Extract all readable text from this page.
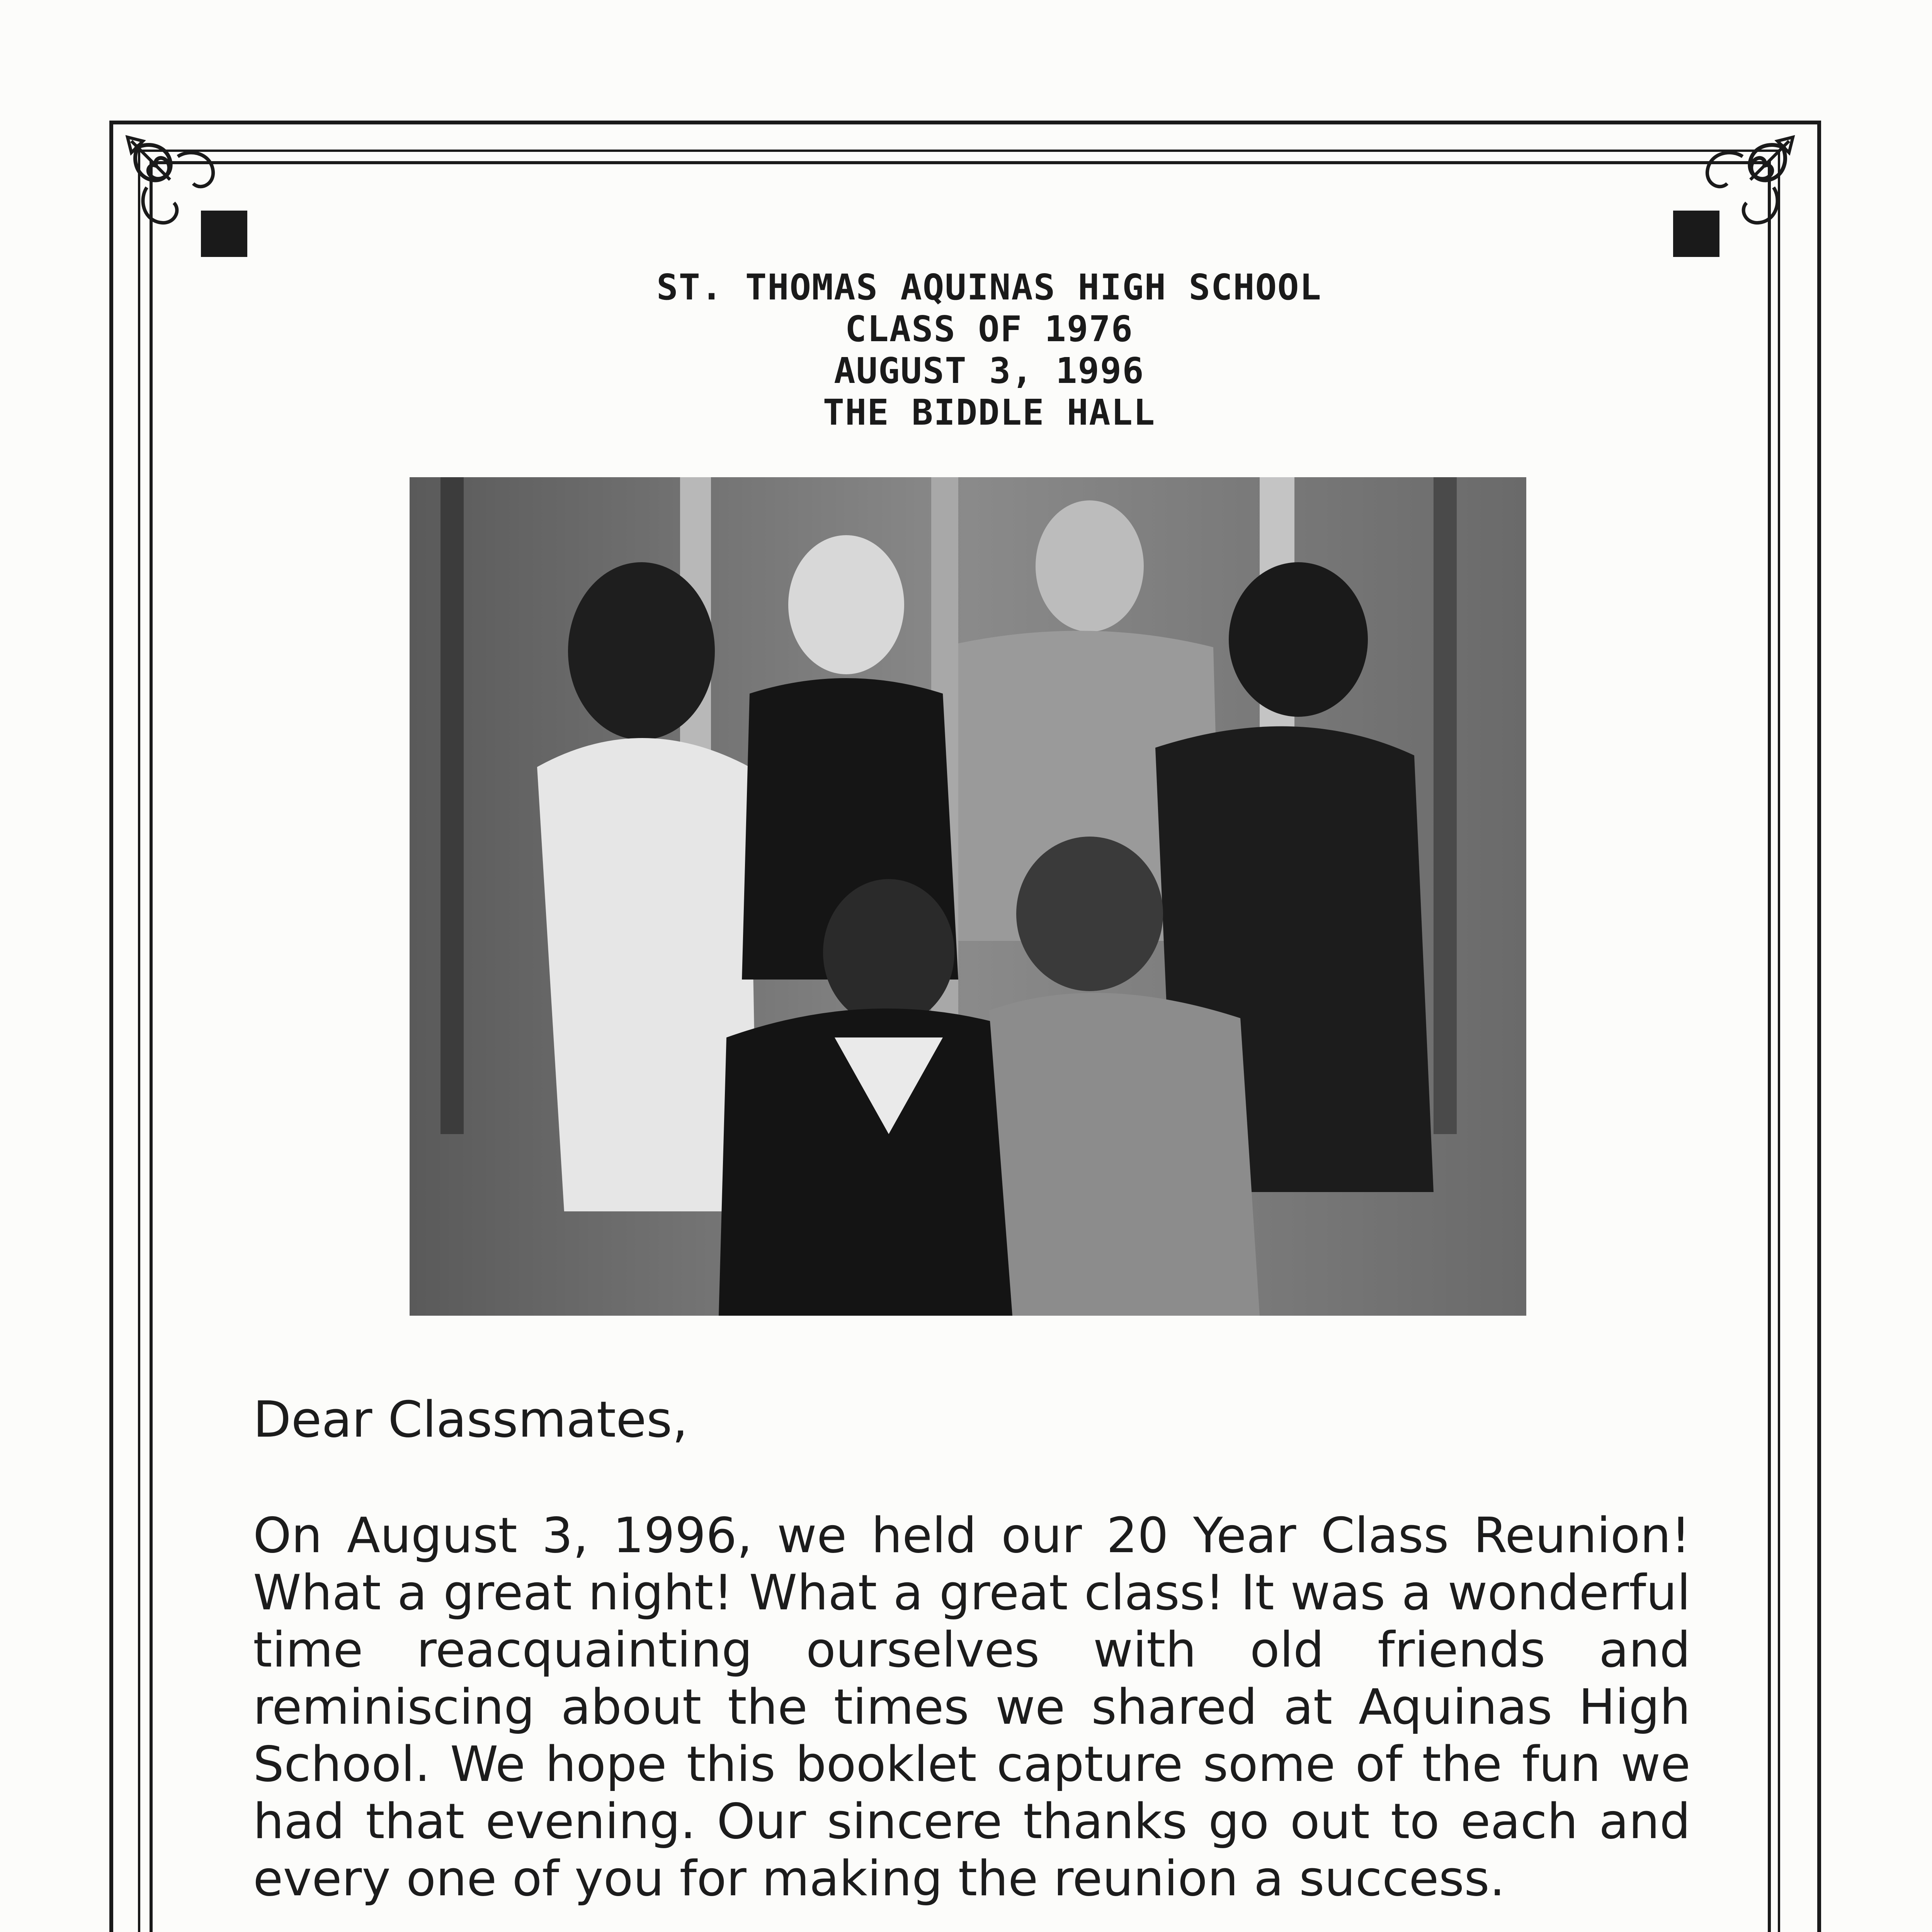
ST. THOMAS AQUINAS HIGH SCHOOL
CLASS OF 1976
AUGUST 3, 1996
THE BIDDLE HALL

Dear Classmates,

On August 3, 1996, we held our 20 Year Class Reunion! What a great night! What a great class! It was a wonderful time reacquainting ourselves with old friends and reminiscing about the times we shared at Aquinas High School. We hope this booklet capture some of the fun we had that evening. Our sincere thanks go out to each and every one of you for making the reunion a success.
